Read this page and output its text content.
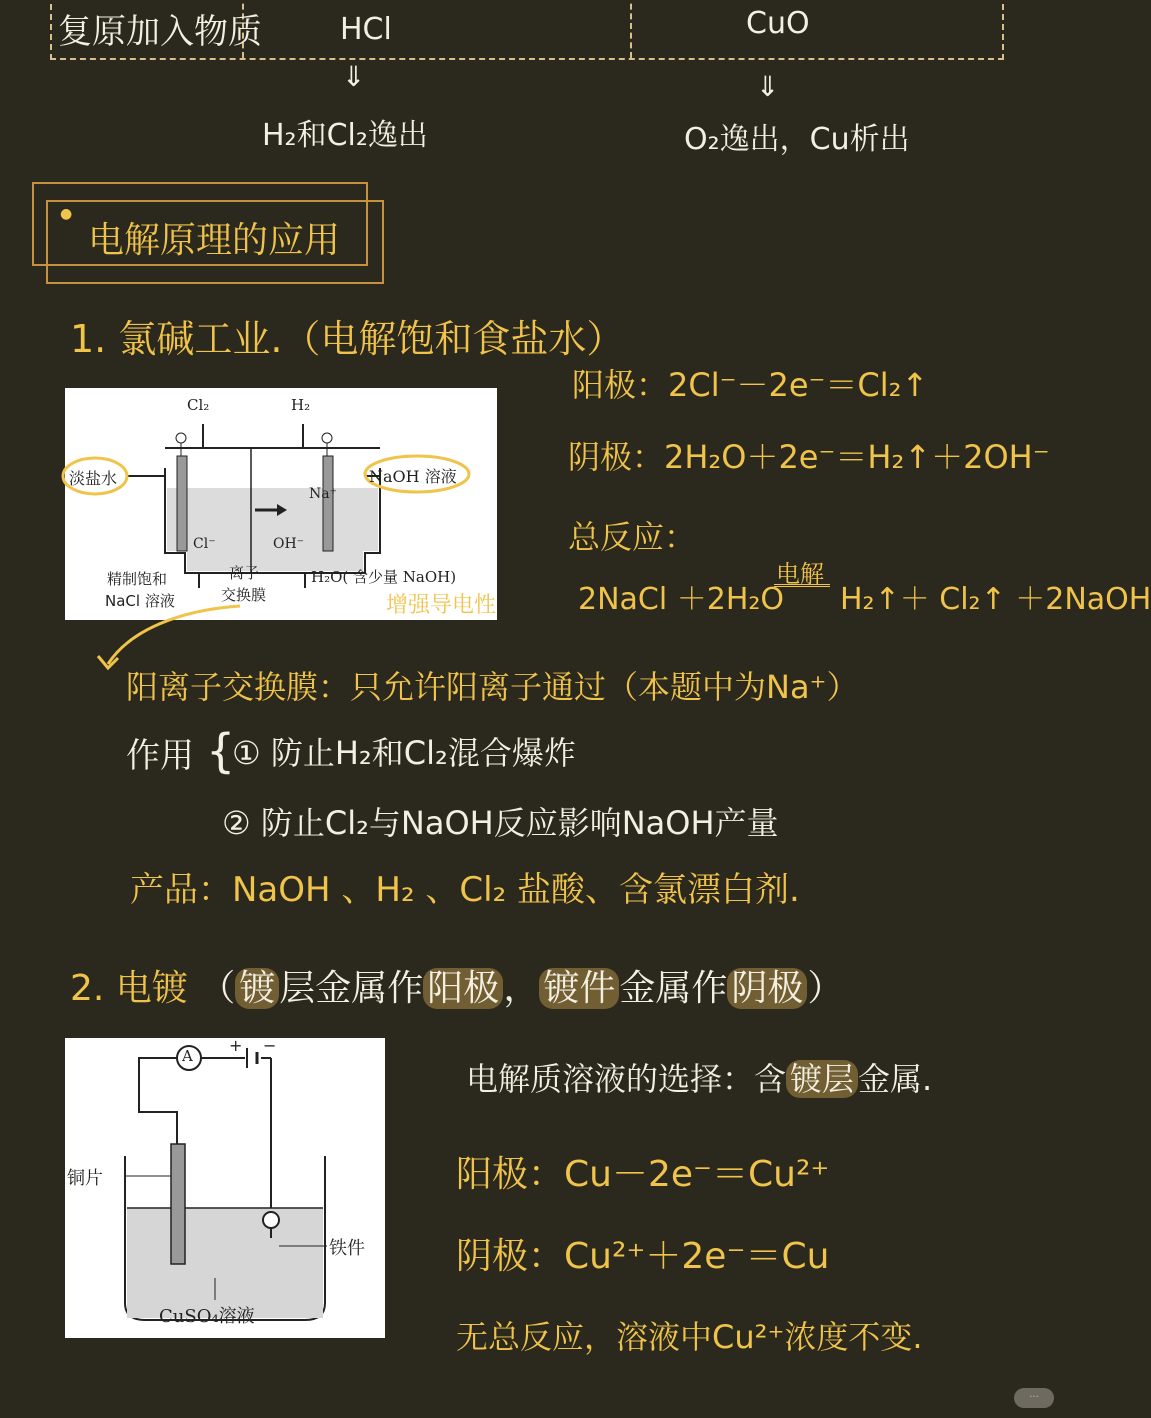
复原加入物质	HCl	CuO
⇓	⇓
H₂和Cl₂逸出	O₂逸出，Cu析出
●
电解原理的应用
1. 氯碱工业.（电解饱和食盐水）
Cl₂	H₂
淡盐水	NaOH 溶液
Na⁺
Cl⁻	OH⁻
精制饱和
NaCl 溶液
离子
交换膜
H₂O( 含少量 NaOH)
增强导电性
阳极：2Cl⁻－2e⁻＝Cl₂↑
阴极：2H₂O＋2e⁻＝H₂↑＋2OH⁻
总反应：
2NaCl ＋2H₂O
电解
H₂↑＋ Cl₂↑ ＋2NaOH
阳离子交换膜：只允许阳离子通过（本题中为Na⁺）
作用 {
① 防止H₂和Cl₂混合爆炸
② 防止Cl₂与NaOH反应影响NaOH产量
产品：NaOH 、H₂ 、Cl₂ 盐酸、含氯漂白剂.
2. 电镀 （ 镀 层金属作 阳极 ， 镀件 金属作 阴极 ）
A
+ −
铜片
铁件
CuSO₄溶液
电解质溶液的选择：含 镀层 金属.
阳极：Cu－2e⁻＝Cu²⁺
阴极：Cu²⁺＋2e⁻＝Cu
无总反应，溶液中Cu²⁺浓度不变.
···
